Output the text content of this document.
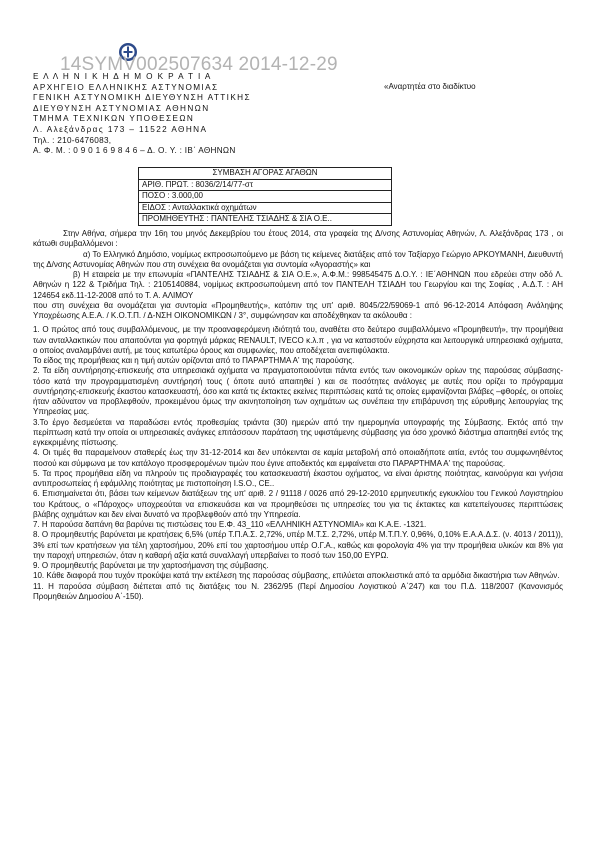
14SYMV002507634 2014-12-29
Ε Λ Λ Η Ν Ι Κ Η Δ Η Μ Ο Κ Ρ Α Τ Ι Α
ΑΡΧΗΓΕΙΟ ΕΛΛΗΝΙΚΗΣ ΑΣΤΥΝΟΜΙΑΣ
ΓΕΝΙΚΗ ΑΣΤΥΝΟΜΙΚΗ ΔΙΕΥΘΥΝΣΗ ΑΤΤΙΚΗΣ
ΔΙΕΥΘΥΝΣΗ ΑΣΤΥΝΟΜΙΑΣ ΑΘΗΝΩΝ
ΤΜΗΜΑ ΤΕΧΝΙΚΩΝ ΥΠΟΘΕΣΕΩΝ
Λ. Αλεξάνδρας 173 – 11522 ΑΘΗΝΑ
Τηλ. : 210-6476083,
Α. Φ. Μ. : 0 9 0 1 6 9 8 4 6 – Δ. Ο. Υ. : ΙΒ΄ ΑΘΗΝΩΝ
«Αναρτητέα στο διαδίκτυο
ΣΥΜΒΑΣΗ ΑΓΟΡΑΣ ΑΓΑΘΩΝ
ΑΡΙΘ. ΠΡΩΤ. : 8036/2/14/77-στ
ΠΟΣΟ : 3.000,00
ΕΙΔΟΣ : Ανταλλακτικά οχημάτων
ΠΡΟΜΗΘΕΥΤΗΣ : ΠΑΝΤΕΛΗΣ ΤΣΙΑΔΗΣ & ΣΙΑ Ο.Ε..

Στην Αθήνα, σήμερα την 16η του μηνός Δεκεμβρίου του έτους 2014, στα γραφεία της Δ/νσης Αστυνομίας Αθηνών, Λ. Αλεξάνδρας 173 , οι κάτωθι συμβαλλόμενοι :

α) Το Ελληνικό Δημόσιο, νομίμως εκπροσωπούμενο με βάση τις κείμενες διατάξεις από τον Ταξίαρχο Γεώργιο ΑΡΚΟΥΜΑΝΗ, Διευθυντή της Δ/νσης Αστυνομίας Αθηνών που στη συνέχεια θα ονομάζεται για συντομία «Αγοραστής» και

β) Η εταιρεία με την επωνυμία «ΠΑΝΤΕΛΗΣ ΤΣΙΑΔΗΣ & ΣΙΑ Ο.Ε.», Α.Φ.Μ.: 998545475 Δ.Ο.Υ. : ΙΕ΄ΑΘΗΝΩΝ που εδρεύει στην οδό Λ. Αθηνών η 122 & Τριδήμα Τηλ. : 2105140884, νομίμως εκπροσωπούμενη από τον ΠΑΝΤΕΛΗ ΤΣΙΑΔΗ του Γεωργίου και της Σοφίας , Α.Δ.Τ. : ΑΗ 124654 εκδ.11-12-2008 από το Τ. Α. ΑΛΙΜΟΥ

που στη συνέχεια θα ονομάζεται για συντομία «Προμηθευτής», κατόπιν της υπ' αριθ. 8045/22/59069-1 από 96-12-2014 Απόφαση Ανάληψης Υποχρέωσης Α.Ε.Α. / Κ.Ο.Τ.Π. / Δ-ΝΣΗ ΟΙΚΟΝΟΜΙΚΩΝ / 3°, συμφώνησαν και αποδέχθηκαν τα ακόλουθα :

1. Ο πρώτος από τους συμβαλλόμενους, με την προαναφερόμενη ιδιότητά του, αναθέτει στο δεύτερο συμβαλλόμενο «Προμηθευτή», την προμήθεια των ανταλλακτικών που απαιτούνται για φορτηγά μάρκας RENAULT, IVECO κ.λ.π , για να καταστούν εύχρηστα και λειτουργικά υπηρεσιακά οχήματα, ο οποίος αναλαμβάνει αυτή, με τους κατωτέρω όρους και συμφωνίες, που αποδέχεται ανεπιφύλακτα.

Το είδος της προμήθειας και η τιμή αυτών ορίζονται από το ΠΑΡΑΡΤΗΜΑ Α' της παρούσης.

2. Τα είδη συντήρησης-επισκευής στα υπηρεσιακά οχήματα να πραγματοποιούνται πάντα εντός των οικονομικών ορίων της παρούσας σύμβασης-τόσο κατά την προγραμματισμένη συντήρησή τους ( όποτε αυτό απαιτηθεί ) και σε ποσότητες ανάλογες με αυτές που ορίζει το πρόγραμμα συντήρησης-επισκευής έκαστου κατασκευαστή, όσο και κατά τις έκτακτες εκείνες περιπτώσεις κατά τις οποίες εμφανίζονται βλάβες –φθορές, οι οποίες ήταν αδύνατον να προβλεφθούν, προκειμένου όμως την ακινητοποίηση των οχημάτων ως συνέπεια την επιβάρυνση της εύρυθμης λειτουργίας της Υπηρεσίας μας.

3.Το έργο δεσμεύεται να παραδώσει εντός προθεσμίας τριάντα (30) ημερών από την ημερομηνία υπογραφής της Σύμβασης. Εκτός από την περίπτωση κατά την οποία οι υπηρεσιακές ανάγκες επιτάσσουν παράταση της υφιστάμενης σύμβασης για όσο χρονικό διάστημα απαιτηθεί εντός της εγκεκριμένης πίστωσης.

4. Οι τιμές θα παραμείνουν σταθερές έως την 31-12-2014 και δεν υπόκεινται σε καμία μεταβολή από οποιαδήποτε αιτία, εντός του συμφωνηθέντος ποσού και σύμφωνα με τον κατάλογο προσφερομένων τιμών που έγινε αποδεκτός και εμφαίνεται στο ΠΑΡΑΡΤΗΜΑ Α' της παρούσας.

5. Τα προς προμήθεια είδη να πληρούν τις προδιαγραφές του κατασκευαστή έκαστου οχήματος, να είναι άριστης ποιότητας, καινούργια και γνήσια αντιπροσωπείας ή εφάμιλλης ποιότητας με πιστοποίηση I.S.O., CE..

6. Επισημαίνεται ότι, βάσει των κείμενων διατάξεων της υπ' αριθ. 2 / 91118 / 0026 από 29-12-2010 ερμηνευτικής εγκυκλίου του Γενικού Λογιστηρίου του Κράτους, ο «Πάροχος» υποχρεούται να επισκευάσει και να προμηθεύσει τις υπηρεσίες του για τις έκτακτες και κατεπείγουσες περιπτώσεις βλάβης οχημάτων και δεν είναι δυνατό να προβλεφθούν από την Υπηρεσία.

7. Η παρούσα δαπάνη θα βαρύνει τις πιστώσεις του Ε.Φ. 43_110 «ΕΛΛΗΝΙΚΗ ΑΣΤΥΝΟΜΙΑ» και Κ.Α.Ε. -1321.

8. Ο προμηθευτής βαρύνεται με κρατήσεις 6,5% (υπέρ Τ.Π.Α.Σ. 2,72%, υπέρ Μ.Τ.Σ. 2,72%, υπέρ Μ.Τ.Π.Υ. 0,96%, 0,10% Ε.Α.Α.Δ.Σ. (ν. 4013 / 2011)), 3% επί των κρατήσεων για τέλη χαρτοσήμου, 20% επί του χαρτοσήμου υπέρ Ο.Γ.Α., καθώς και φορολογία 4% για την προμήθεια υλικών και 8% για την παροχή υπηρεσιών, όταν η καθαρή αξία κατά συναλλαγή υπερβαίνει το ποσό των 150,00 ΕΥΡΩ.

9. Ο προμηθευτής βαρύνεται με την χαρτοσήμανση της σύμβασης.

10. Κάθε διαφορά που τυχόν προκύψει κατά την εκτέλεση της παρούσας σύμβασης, επιλύεται αποκλειστικά από τα αρμόδια δικαστήρια των Αθηνών.

11. Η παρούσα σύμβαση διέπεται από τις διατάξεις του Ν. 2362/95 (Περί Δημοσίου Λογιστικού Α΄247) και του Π.Δ. 118/2007 (Κανονισμός Προμηθειών Δημοσίου Α΄-150).
